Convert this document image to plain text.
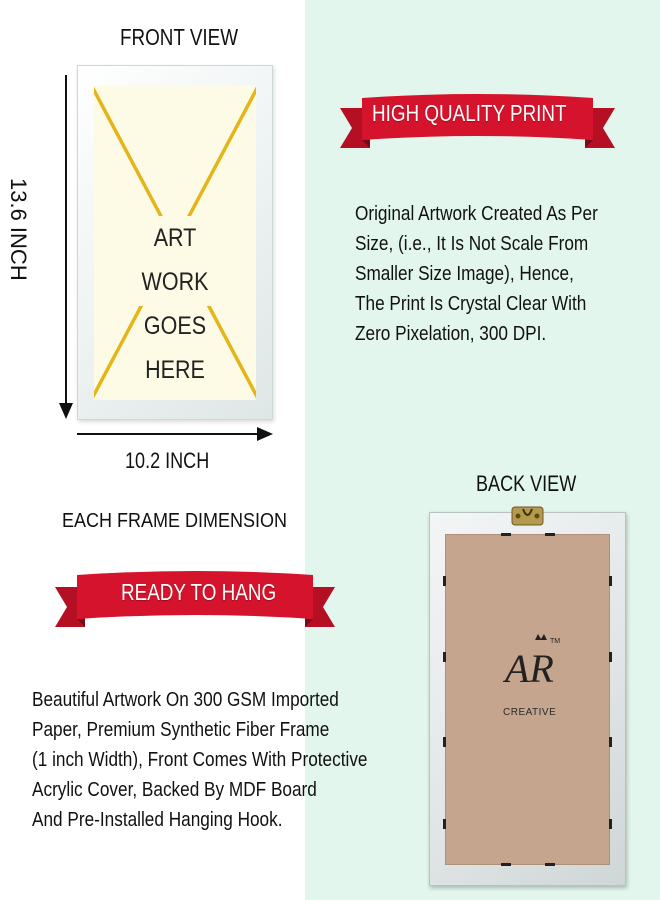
FRONT VIEW
ART WORK
GOES HERE
13.6 INCH
10.2 INCH
EACH FRAME DIMENSION
HIGH QUALITY PRINT
Original Artwork Created As Per
Size, (i.e., It Is Not Scale From
Smaller Size Image), Hence,
The Print Is Crystal Clear With
Zero Pixelation, 300 DPI.
READY TO HANG
Beautiful Artwork On 300 GSM Imported
Paper, Premium Synthetic Fiber Frame
(1 inch Width), Front Comes With Protective
Acrylic Cover, Backed By MDF Board
And Pre-Installed Hanging Hook.
BACK VIEW
AR
TM
CREATIVE
